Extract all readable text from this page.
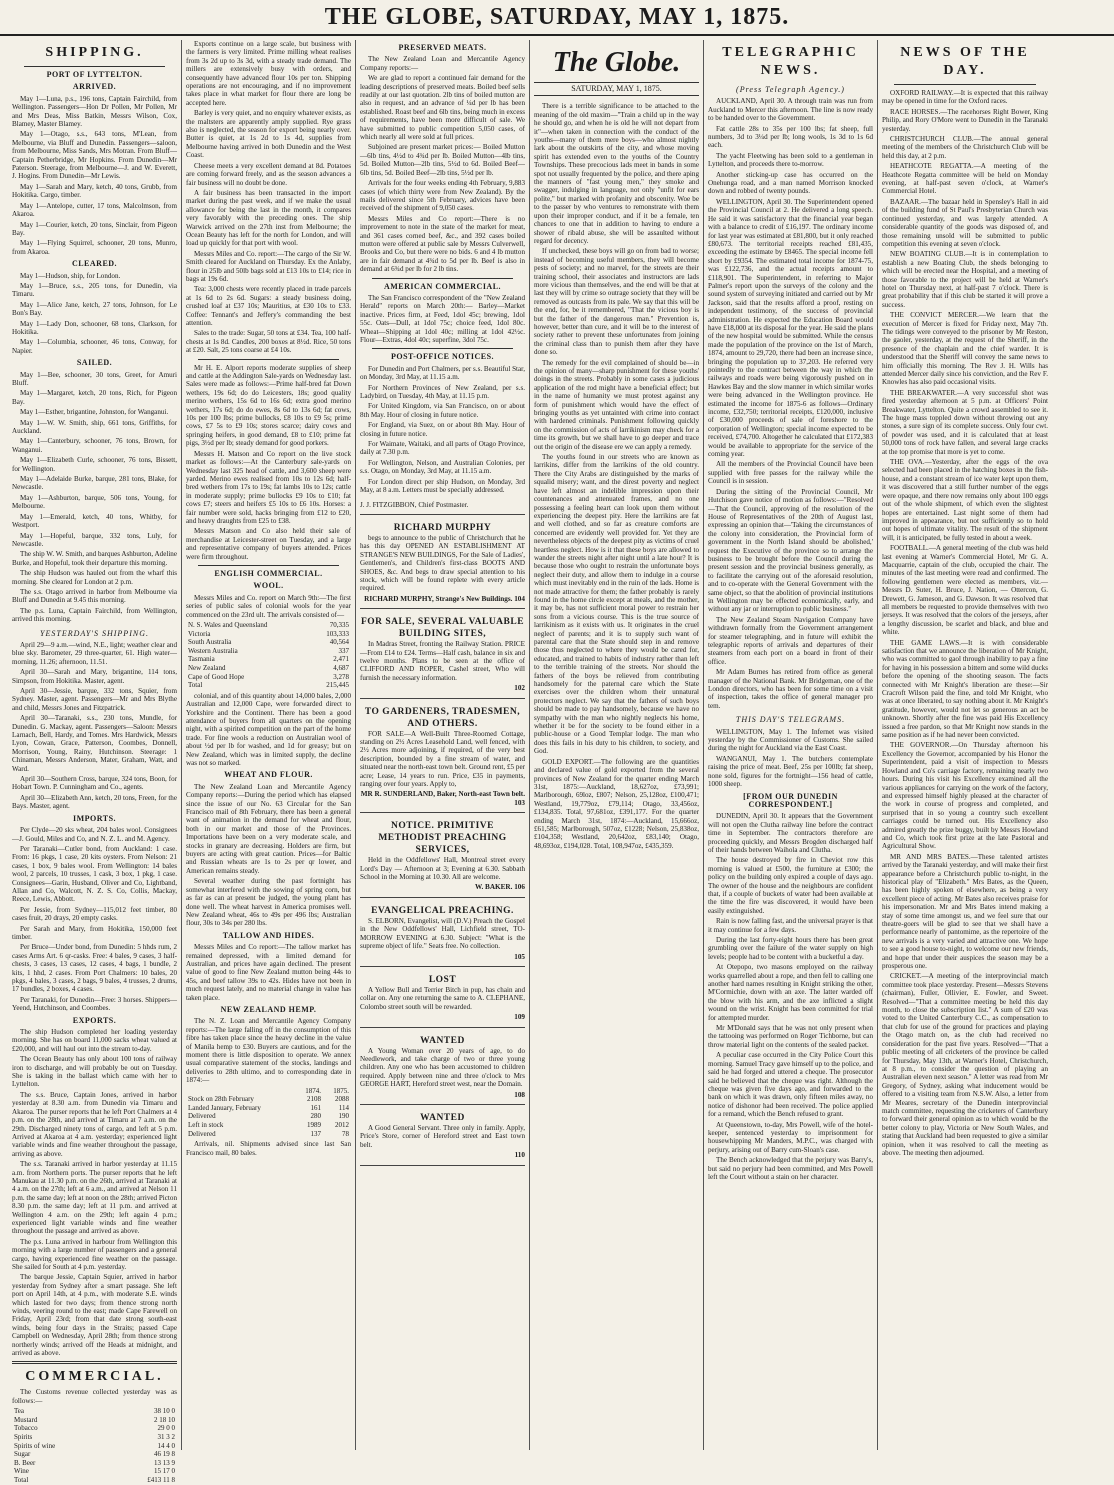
THE GLOBE, SATURDAY, MAY 1, 1875.
SHIPPING.
PORT OF LYTTELTON.
ARRIVED.

May 1—Luna, p.s., 196 tons, Captain Fairchild, from Wellington. Passengers—Hon Dr Pollen, Mr Pollen, Mr and Mrs Deas, Miss Batkin, Messrs Wilson, Cox, Blamey, Master Blamey.

May 1—Otago, s.s., 643 tons, M'Lean, from Melbourne, via Bluff and Dunedin. Passengers—saloon, from Melbourne, Miss Sands, Mrs Motran. From Bluff—Captain Petherbridge, Mr Hopkins. From Dunedin—Mr Paterson. Steerage, from Melbourne—J. and W. Everett, J. Hogins. From Dunedin—Mr Lewis.

May 1—Sarah and Mary, ketch, 40 tons, Grubb, from Hokitika. Cargo, timber.

May 1—Antelope, cutter, 17 tons, Malcolmson, from Akaroa.

May 1—Courier, ketch, 20 tons, Sinclair, from Pigeon Bay.

May 1—Flying Squirrel, schooner, 20 tons, Munro, from Akaroa.

CLEARED.

May 1—Hudson, ship, for London.

May 1—Bruce, s.s., 205 tons, for Dunedin, via Timaru.

May 1—Alice Jane, ketch, 27 tons, Johnson, for Le Bon's Bay.

May 1—Lady Don, schooner, 68 tons, Clarkson, for Hokitika.

May 1—Columbia, schooner, 46 tons, Conway, for Napier.

SAILED.

May 1—Bee, schooner, 30 tons, Greet, for Amuri Bluff.

May 1—Margaret, ketch, 20 tons, Rich, for Pigeon Bay.

May 1—Esther, brigantine, Johnston, for Wanganui.

May 1—W. W. Smith, ship, 661 tons, Griffiths, for Auckland.

May 1—Canterbury, schooner, 76 tons, Brown, for Wanganui.

May 1—Elizabeth Curle, schooner, 76 tons, Bissett, for Wellington.

May 1—Adelaide Burke, barque, 281 tons, Blake, for Newcastle.

May 1—Ashburton, barque, 506 tons, Young, for Melbourne.

May 1—Emerald, ketch, 40 tons, Whitby, for Westport.

May 1—Hopeful, barque, 332 tons, Luly, for Newcastle.

The ship W. W. Smith, and barques Ashburton, Adeline Burke, and Hopeful, took their departure this morning.

The ship Hudson was hauled out from the wharf this morning. She cleared for London at 2 p.m.

The s.s. Otago arrived in harbor from Melbourne via Bluff and Dunedin at 9.45 this morning.

The p.s. Luna, Captain Fairchild, from Wellington, arrived this morning.

YESTERDAY'S SHIPPING.

April 29—9 a.m.—wind, N.E., light; weather clear and blue sky. Barometer, 29 three-quarter, 61. High water—morning, 11.26; afternoon, 11.51.

April 30—Sarah and Mary, brigantine, 114 tons, Simpson, from Hokitika. Master, agent.

April 30—Jessie, barque, 332 tons, Squier, from Sydney. Master, agent. Passengers—Mr and Mrs Blythe and child, Messrs Jones and Fitzpatrick.

April 30—Taranaki, s.s., 230 tons, Mundle, for Dunedin. G. Mackay, agent. Passengers—Saloon: Messrs Larnach, Bell, Hardy, and Tomes. Mrs Hardwick, Messrs Lyon, Cowan, Grace, Patterson, Coombes, Donnell, Morrison, Young, Rainy, Hutchinson. Steerage: 1 Chinaman, Messrs Anderson, Mater, Graham, Watt, and Ward.

April 30—Southern Cross, barque, 324 tons, Boon, for Hobart Town. P. Cunningham and Co., agents.

April 30—Elizabeth Ann, ketch, 20 tons, Freen, for the Bays. Master, agent.

IMPORTS.

Per Clyde—20 sks wheat, 204 bales wool. Consignees—J. Gould, Miles and Co, and N. Z. L. and M. Agency.

Per Taranaki—Cutler bond, from Auckland: 1 case. From: 16 pkgs, 1 case, 20 kits oysters. From Nelson: 21 cases, 1 box, 9 bales wool. From Wellington: 14 bales wool, 2 parcels, 10 trusses, 1 cask, 3 box, 1 pkg, 1 case. Consignees—Garin, Husband, Oliver and Co, Lightband, Allan and Co, Walcott, N. Z. S. Co, Collis, Mackay, Reece, Lewis, Abbott.

Per Jessie, from Sydney—115,012 feet timber, 80 cases fruit, 20 drays, 20 empty casks.

Per Sarah and Mary, from Hokitika, 150,000 feet timber.

Per Bruce—Under bond, from Dunedin: 5 hhds rum, 2 cases Arms Art. 6 qr-casks. Free: 4 bales, 9 cases, 3 half-chests, 3 cases, 13 cases, 12 cases, 4 bags, 1 bundle, 2 kits, 1 hhd, 2 cases. From Port Chalmers: 10 bales, 20 pkgs, 4 bales, 3 cases, 2 bags, 9 bales, 4 trusses, 2 drums, 17 bundles, 2 boxes, 4 cases.

Per Taranaki, for Dunedin—Free: 3 horses. Shippers—Yeend, Hutchinson, and Coombes.

EXPORTS.

The ship Hudson completed her loading yesterday morning. She has on board 11,000 sacks wheat valued at £20,000, and will haul out into the stream to-day.

The Ocean Beauty has only about 100 tons of railway iron to discharge, and will probably be out on Tuesday. She is taking in the ballast which came with her to Lyttelton.

The s.s. Bruce, Captain Jones, arrived in harbor yesterday at 8.30 a.m. from Dunedin via Timaru and Akaroa. The purser reports that he left Port Chalmers at 4 p.m. on the 28th, and arrived at Timaru at 7 a.m. on the 29th. Discharged ninety tons of cargo, and left at 5 p.m. Arrived at Akaroa at 4 a.m. yesterday; experienced light variable winds and fine weather throughout the passage, arriving as above.

The s.s. Taranaki arrived in harbor yesterday at 11.15 a.m. from Northern ports. The purser reports that he left Manukau at 11.30 p.m. on the 26th, arrived at Taranaki at 4 a.m. on the 27th; left at 6 a.m., and arrived at Nelson 11 p.m. the same day; left at noon on the 28th; arrived Picton 8.30 p.m. the same day; left at 11 p.m. and arrived at Wellington 4 a.m. on the 29th; left again 4 p.m.; experienced light variable winds and fine weather throughout the passage and arrived as above.

The p.s. Luna arrived in harbour from Wellington this morning with a large number of passengers and a general cargo, having experienced fine weather on the passage. She sailed for South at 4 p.m. yesterday.

The barque Jessie, Captain Squier, arrived in harbor yesterday from Sydney after a smart passage. She left port on April 14th, at 4 p.m., with moderate S.E. winds which lasted for two days; from thence strong north winds, veering round to the east; made Cape Farewell on Friday, April 23rd; from that date strong south-east winds, being four days in the Straits; passed Cape Campbell on Wednesday, April 28th; from thence strong northerly winds; arrived off the Heads at midnight, and arrived as above.

COMMERCIAL.

The Customs revenue collected yesterday was as follows:—

Tea	38 10 0
Mustard	2 18 10
Tobacco	29 0 0
Spirits	31 3 2
Spirits of wine	14 4 0
Sugar	46 19 8
B. Beer	13 13 9
Wine	15 17 0
Total	£413 11 8

Exports continue on a large scale, but business with the farmers is very limited. Prime milling wheat realises from 3s 2d up to 3s 3d, with a steady trade demand. The millers are extensively busy with orders, and consequently have advanced flour 10s per ton. Shipping operations are not encouraging, and if no improvement takes place in what market for flour there are long be accepted here.

Barley is very quiet, and no enquiry whatever exists, as the maltsters are apparently amply supplied. Rye grass also is neglected, the season for export being nearly over. Butter is quiet, at 1s 2d to 1s 4d, supplies from Melbourne having arrived in both Dunedin and the West Coast.

Cheese meets a very excellent demand at 8d. Potatoes are coming forward freely, and as the season advances a fair business will no doubt be done.

A fair business has been transacted in the import market during the past week, and if we make the usual allowance for being the last in the month, it compares very favorably with the preceding ones. The ship Warwick arrived on the 27th inst from Melbourne; the Ocean Beauty has left for the north for London, and will load up quickly for that port with wool.

Messrs Miles and Co. report:—The cargo of the Sir W. Smith cleared for Auckland on Thursday. Ex the Anlaby, flour in 25lb and 50lb bags sold at £13 10s to £14; rice in bags at 19s 6d.

Tea: 3,000 chests were recently placed in trade parcels at 1s 6d to 2s 6d. Sugars: a steady business doing, crushed loaf at £37 10s; Mauritius, at £30 10s to £33. Coffee: Tennant's and Jeffery's commanding the best attention.

Sales to the trade: Sugar, 50 tons at £34. Tea, 100 half-chests at 1s 8d. Candles, 200 boxes at 8½d. Rice, 50 tons at £20. Salt, 25 tons coarse at £4 10s.

Mr H. E. Alport reports moderate supplies of sheep and cattle at the Addington Sale-yards on Wednesday last. Sales were made as follows:—Prime half-bred fat Down wethers, 19s 6d; do do Leicesters, 18s; good quality merino wethers, 15s 6d to 16s 6d; extra good merino wethers, 17s 6d; do do ewes, 8s 6d to 13s 6d; fat cows, 10s per 100 lbs; prime bullocks, £8 10s to £9 5s; prime cows, £7 5s to £9 10s; stores scarce; dairy cows and springing heifers, in good demand, £8 to £10; prime fat pigs, 3½d per lb; steady demand for good porkers.

Messrs H. Matson and Co report on the live stock market as follows:—At the Canterbury sale-yards on Wednesday last 325 head of cattle, and 3,600 sheep were yarded. Merino ewes realised from 10s to 12s 6d; half-bred wethers from 17s to 19s; fat lambs 10s to 12s; cattle in moderate supply; prime bullocks £9 10s to £10; fat cows £7; steers and heifers £5 10s to £6 10s. Horses: a fair number were sold, hacks bringing from £12 to £20, and heavy draughts from £25 to £38.

Messrs Matson and Co also held their sale of merchandise at Leicester-street on Tuesday, and a large and representative company of buyers attended. Prices were firm throughout.

ENGLISH COMMERCIAL.
WOOL.

Messrs Miles and Co. report on March 9th:—The first series of public sales of colonial wools for the year commenced on the 23rd ult. The arrivals consisted of—

N. S. Wales and Queensland	70,335
Victoria	103,333
South Australia	40,564
Western Australia	337
Tasmania	2,471
New Zealand	4,687
Cape of Good Hope	3,278
Total	215,445

colonial, and of this quantity about 14,000 bales, 2,000 Australian and 12,000 Cape, were forwarded direct to Yorkshire and the Continent. There has been a good attendance of buyers from all quarters on the opening night, with a spirited competition on the part of the home trade. For fine wools a reduction on Australian wool of about ½d per lb for washed, and 1d for greasy; but on New Zealand, which was in limited supply, the decline was not so marked.

WHEAT AND FLOUR.

The New Zealand Loan and Mercantile Agency Company reports:—During the period which has elapsed since the issue of our No. 63 Circular for the San Francisco mail of 8th February, there has been a general want of animation in the demand for wheat and flour, both in our market and those of the Provinces. Importations have been on a very moderate scale, and stocks in granary are decreasing. Holders are firm, but buyers are acting with great caution. Prices—for Baltic and Russian wheats are 1s to 2s per qr lower, and American remains steady.

Several weather during the past fortnight has somewhat interfered with the sowing of spring corn, but as far as can at present be judged, the young plant has done well. The wheat harvest in America promises well. New Zealand wheat, 46s to 49s per 496 lbs; Australian flour, 30s to 34s per 280 lbs.

TALLOW AND HIDES.

Messrs Miles and Co report:—The tallow market has remained depressed, with a limited demand for Australian, and prices have again declined. The present value of good to fine New Zealand mutton being 44s to 45s, and beef tallow 39s to 42s. Hides have not been in much request lately, and no material change in value has taken place.

NEW ZEALAND HEMP.

The N. Z. Loan and Mercantile Agency Company reports:—The large falling off in the consumption of this fibre has taken place since the heavy decline in the value of Manila hemp to £30. Buyers are cautious, and for the moment there is little disposition to operate. We annex usual comparative statement of the stocks, landings and deliveries to 28th ultimo, and to corresponding date in 1874:—

	1874.	1875.
Stock on 28th February	2108	2088
Landed January, February	161	114
Delivered	280	190
Left in stock	1989	2012
Delivered	137	78

Arrivals, nil. Shipments advised since last San Francisco mail, 80 bales.

PRESERVED MEATS.

The New Zealand Loan and Mercantile Agency Company reports:—

We are glad to report a continued fair demand for the leading descriptions of preserved meats. Boiled beef sells readily at our last quotation. 2lb tins of boiled mutton are also in request, and an advance of ¼d per lb has been established. Roast beef and 6lb tins, being much in excess of requirements, have been more difficult of sale. We have submitted to public competition 5,050 cases, of which nearly all were sold at full prices.

Subjoined are present market prices:— Boiled Mutton—6lb tins, 4½d to 4¾d per lb. Boiled Mutton—4lb tins, 5d. Boiled Mutton—2lb tins, 5½d to 6d. Boiled Beef—6lb tins, 5d. Boiled Beef—2lb tins, 5½d per lb.

Arrivals for the four weeks ending 4th February, 9,883 cases (of which thirty were from New Zealand). By the mails delivered since 5th February, advices have been received of the shipment of 9,050 cases.

Messrs Miles and Co report:—There is no improvement to note in the state of the market for meat, and 361 cases corned beef, &c., and 392 cases boiled mutton were offered at public sale by Messrs Culverwell, Brooks and Co, but there were no bids. 6 and 4 lb mutton are in fair demand at 4¾d to 5d per lb. Beef is also in demand at 6¾d per lb for 2 lb tins.

AMERICAN COMMERCIAL.

The San Francisco correspondent of the "New Zealand Herald" reports on March 20th:— Barley—Market inactive. Prices firm, at Feed, 1dol 45c; brewing, 1dol 55c. Oats—Dull, at 1dol 75c; choice feed, 1dol 80c. Wheat—Shipping at 1dol 40c; milling at 1dol 42½c. Flour—Extras, 4dol 40c; superfine, 3dol 75c.

POST-OFFICE NOTICES.

For Dunedin and Port Chalmers, per s.s. Beautiful Star, on Monday, 3rd May, at 11.15 a.m.

For Northern Provinces of New Zealand, per s.s. Ladybird, on Tuesday, 4th May, at 11.15 p.m.

For United Kingdom, via San Francisco, on or about 8th May. Hour of closing in future notice.

For England, via Suez, on or about 8th May. Hour of closing in future notice.

For Waimate, Waitaki, and all parts of Otago Province, daily at 7.30 p.m.

For Wellington, Nelson, and Australian Colonies, per s.s. Otago, on Monday, 3rd May, at 11.15 a.m.

For London direct per ship Hudson, on Monday, 3rd May, at 8 a.m. Letters must be specially addressed.

J. J. FITZGIBBON, Chief Postmaster.
RICHARD MURPHY

begs to announce to the public of Christchurch that he has this day OPENED AN ESTABLISHMENT AT STRANGE'S NEW BUILDINGS, For the Sale of Ladies', Gentlemen's, and Children's first-class BOOTS AND SHOES, &c. And begs to draw special attention to his stock, which will be found replete with every article required.

RICHARD MURPHY, Strange's New Buildings. 104
FOR SALE, SEVERAL VALUABLE BUILDING SITES,

In Madras Street, fronting the Railway Station. PRICE—From £14 to £24. Terms—Half cash, balance in six and twelve months. Plans to be seen at the office of CLIFFORD AND ROPER, Cashel street, Who will furnish the necessary information.

102
TO GARDENERS, TRADESMEN, AND OTHERS.

FOR SALE—A Well-Built Three-Roomed Cottage, standing on 2½ Acres Leasehold Land, well fenced, with 2½ Acres more adjoining, if required, of the very best description, bounded by a fine stream of water, and situated near the north-east town belt. Ground rent, £5 per acre; Lease, 14 years to run. Price, £35 in payments, ranging over four years. Apply to,

MR R. SUNDERLAND, Baker, North-east Town belt. 103
NOTICE. PRIMITIVE METHODIST PREACHING SERVICES,

Held in the Oddfellows' Hall, Montreal street every Lord's Day — Afternoon at 3; Evening at 6.30. Sabbath School in the Morning at 10.30. All are welcome.

W. BAKER. 106
EVANGELICAL PREACHING.

S. ELBORN, Evangelist, will (D.V.) Preach the Gospel in the New Oddfellows' Hall, Lichfield street, TO-MORROW EVENING at 6.30. Subject: "What is the supreme object of life." Seats free. No collection.

105
LOST

A Yellow Bull and Terrier Bitch in pup, has chain and collar on. Any one returning the same to A. CLEPHANE, Colombo street south will be rewarded.

109
WANTED

A Young Woman over 20 years of age, to do Needlework, and take charge of two or three young children. Any one who has been accustomed to children required. Apply between nine and three o'clock to Mrs GEORGE HART, Hereford street west, near the Domain.

108
WANTED

A Good General Servant. Three only in family. Apply, Price's Store, corner of Hereford street and East town belt.

110
The Globe.
SATURDAY, MAY 1, 1875.

There is a terrible significance to be attached to the meaning of the old maxim—"Train a child up in the way he should go, and when he is old he will not depart from it"—when taken in connection with the conduct of the youths—many of them mere boys—who almost nightly lark about the outskirts of the city, and whose moving spirit has extended even to the youths of the Country Townships. These precocious lads meet in bands in some spot not usually frequented by the police, and there aping the manners of "fast young men," they smoke and swagger, indulging in language, not only "unfit for ears polite," but marked with profanity and obscenity. Woe be to the passer by who ventures to remonstrate with them upon their improper conduct, and if it be a female, ten chances to one that in addition to having to endure a shower of ribald abuse, she will be assaulted without regard for decency.

If unchecked, these boys will go on from bad to worse; instead of becoming useful members, they will become pests of society; and no marvel, for the streets are their training school, their associates and instructors are lads more vicious than themselves, and the end will be that at last they will by crime so outrage society that they will be removed as outcasts from its pale. We say that this will be the end, for, be it remembered, "That the vicious boy is but the father of the dangerous man." Prevention is, however, better than cure, and it will be to the interest of society rather to prevent these unfortunates from joining the criminal class than to punish them after they have done so.

The remedy for the evil complained of should be—in the opinion of many—sharp punishment for these youths' doings in the streets. Probably in some cases a judicious application of the rod might have a beneficial effect; but in the name of humanity we must protest against any form of punishment which would have the effect of bringing youths as yet untainted with crime into contact with hardened criminals. Punishment following quickly on the commission of acts of larrikinism may check for a time its growth, but we shall have to go deeper and trace out the origin of the disease ere we can apply a remedy.

The youths found in our streets who are known as larrikins, differ from the larrikins of the old country. There the City Arabs are distinguished by the marks of squalid misery; want, and the direst poverty and neglect have left almost an indelible impression upon their countenances and attenuated frames, and no one possessing a feeling heart can look upon them without experiencing the deepest pity. Here the larrikins are fat and well clothed, and so far as creature comforts are concerned are evidently well provided for. Yet they are nevertheless objects of the deepest pity as victims of cruel heartless neglect. How is it that these boys are allowed to wander the streets night after night until a late hour? It is because those who ought to restrain the unfortunate boys neglect their duty, and allow them to indulge in a course which must inevitably end in the ruin of the lads. Home is not made attractive for them; the father probably is rarely found in the home circle except at meals, and the mother, it may be, has not sufficient moral power to restrain her sons from a vicious course. This is the true source of larrikinism as it exists with us. It originates in the cruel neglect of parents; and it is to supply such want of parental care that the State should step in and remove those thus neglected to where they would be cared for, educated, and trained to habits of industry rather than left to the terrible training of the streets. Nor should the fathers of the boys be relieved from contributing handsomely for the paternal care which the State exercises over the children whom their unnatural protectors neglect. We say that the fathers of such boys should be made to pay handsomely, because we have no sympathy with the man who nightly neglects his home, whether it be for the society to be found either in a public-house or a Good Templar lodge. The man who does this fails in his duty to his children, to society, and God.

GOLD EXPORT.—The following are the quantities and declared value of gold exported from the several provinces of New Zealand for the quarter ending March 31st, 1875:—Auckland, 18,627oz, £73,991; Marlborough, 69loz, £807; Nelson, 25,128oz, £100,471; Westland, 19,779oz, £79,114; Otago, 33,456oz, £134,835. Total, 97,681oz, £391,177. For the quarter ending March 31st, 1874:—Auckland, 15,666oz, £61,585; Marlborough, 507oz, £1228; Nelson, 25,838oz, £104,358; Westland, 20,642oz, £83,140; Otago, 48,693oz, £194,028. Total, 108,947oz, £435,359.

TELEGRAPHIC NEWS.
(Press Telegraph Agency.)

AUCKLAND, April 30. A through train was run from Auckland to Mercer this afternoon. The line is now ready to be handed over to the Government.

Fat cattle 28s to 35s per 100 lbs; fat sheep, full numbers, 3d to 3¼d per lb; long wools, 1s 3d to 1s 6d each.

The yacht Fleetwing has been sold to a gentleman in Lyttelton, and proceeds there to-morrow.

Another sticking-up case has occurred on the Onehunga road, and a man named Morrison knocked down and robbed of twenty pounds.

WELLINGTON, April 30. The Superintendent opened the Provincial Council at 2. He delivered a long speech. He said it was satisfactory that the financial year began with a balance to credit of £16,197. The ordinary income for last year was estimated at £81,800, but it only reached £80,673. The territorial receipts reached £81,435, exceeding the estimate by £8465. The special income fell short by £9354. The estimated total income for 1874-75, was £122,736, and the actual receipts amount to £118,901. The Superintendent, in referring to Major Palmer's report upon the surveys of the colony and the sound system of surveying initiated and carried out by Mr Jackson, said that the results afford a proof, resting on independent testimony, of the success of provincial administration. He expected the Education Board would have £18,000 at its disposal for the year. He said the plans of the new hospital would be submitted. While the census made the population of the province on the 1st of March, 1874, amount to 29,720, there had been an increase since, bringing the population up to 37,203. He referred very pointedly to the contract between the way in which the railways and roads were being vigorously pushed on in Hawkes Bay and the slow manner in which similar works were being advanced in the Wellington province. He estimated the income for 1875-6 as follows—Ordinary income, £32,750; territorial receipts, £120,000, inclusive of £30,000 proceeds of sale of foreshore to the corporation of Wellington; special income expected to be received, £74,700. Altogether he calculated that £172,383 would be available to appropriate for the service of the coming year.

All the members of the Provincial Council have been supplied with free passes for the railway while the Council is in session.

During the sitting of the Provincial Council, Mr Hutchison gave notice of motion as follows:—"Resolved—That the Council, approving of the resolution of the House of Representatives of the 20th of August last, expressing an opinion that—'Taking the circumstances of the colony into consideration, the Provincial form of government in the North Island should be abolished,' request the Executive of the province so to arrange the business to be brought before the Council during the present session and the provincial business generally, as to facilitate the carrying out of the aforesaid resolution, and to co-operate with the General Government with the same object, so that the abolition of provincial institutions in Wellington may be effected economically, early, and without any jar or interruption to public business."

The New Zealand Steam Navigation Company have withdrawn formally from the Government arrangement for steamer telegraphing, and in future will exhibit the telegraphic reports of arrivals and departures of their steamers from each port on a board in front of their office.

Mr Adam Burnes has retired from office as general manager of the National Bank. Mr Bridgeman, one of the London directors, who has been for some time on a visit of inspection, takes the office of general manager pro tem.

THIS DAY'S TELEGRAMS.

WELLINGTON, May 1. The Infernet was visited yesterday by the Commissioner of Customs. She sailed during the night for Auckland via the East Coast.

WANGANUI, May 1. The butchers contemplate raising the price of meat. Beef, 25s per 100lb; fat sheep, none sold, figures for the fortnight—156 head of cattle, 1000 sheep.

[FROM OUR DUNEDIN CORRESPONDENT.]

DUNEDIN, April 30. It appears that the Government will not open the Clutha railway line before the contract time in September. The contractors therefore are proceeding quickly, and Messrs Brogden discharged half of their hands between Waihola and Clutha.

The house destroyed by fire in Cheviot row this morning is valued at £500, the furniture at £300; the policy on the building only expired a couple of days ago. The owner of the house and the neighbours are confident that, if a couple of buckets of water had been available at the time the fire was discovered, it would have been easily extinguished.

Rain is now falling fast, and the universal prayer is that it may continue for a few days.

During the last forty-eight hours there has been great grumbling over the failure of the water supply on high levels; people had to be content with a bucketful a day.

At Otepopo, two masons employed on the railway works quarrelled about a rope, and then fell to calling one another hard names resulting in Knight striking the other, M'Cormichie, down with an axe. The latter warded off the blow with his arm, and the axe inflicted a slight wound on the wrist. Knight has been committed for trial for attempted murder.

Mr M'Donald says that he was not only present when the tattooing was performed on Roger Tichborne, but can throw material light on the contents of the sealed packet.

A peculiar case occurred in the City Police Court this morning. Samuel Tracy gave himself up to the police, and said he had forged and uttered a cheque. The prosecutor said he believed that the cheque was right. Although the cheque was given five days ago, and forwarded to the bank on which it was drawn, only fifteen miles away, no notice of dishonor had been received. The police applied for a remand, which the Bench refused to grant.

At Queenstown, to-day, Mrs Powell, wife of the hotel-keeper, sentenced yesterday to imprisonment for housewhipping Mr Manders, M.P.C., was charged with perjury, arising out of Barry cum-Sloan's case.

The Bench acknowledged that the perjury was Barry's, but said no perjury had been committed, and Mrs Powell left the Court without a stain on her character.

NEWS OF THE DAY.

OXFORD RAILWAY.—It is expected that this railway may be opened in time for the Oxford races.

RACE HORSES.—The racehorses Right Bower, King Philip, and Rory O'More went to Dunedin in the Taranaki yesterday.

CHRISTCHURCH CLUB.—The annual general meeting of the members of the Christchurch Club will be held this day, at 2 p.m.

HEATHCOTE REGATTA.—A meeting of the Heathcote Regatta committee will be held on Monday evening, at half-past seven o'clock, at Warner's Commercial Hotel.

BAZAAR.—The bazaar held in Spensley's Hall in aid of the building fund of St Paul's Presbyterian Church was continued yesterday, and was largely attended. A considerable quantity of the goods was disposed of, and those remaining unsold will be submitted to public competition this evening at seven o'clock.

NEW BOATING CLUB.—It is in contemplation to establish a new Boating Club, the sheds belonging to which will be erected near the Hospital, and a meeting of those favorable to the project will be held at Warner's hotel on Thursday next, at half-past 7 o'clock. There is great probability that if this club be started it will prove a success.

THE CONVICT MERCER.—We learn that the execution of Mercer is fixed for Friday next, May 7th. The tidings were conveyed to the prisoner by Mr Reston, the gaoler, yesterday, at the request of the Sheriff, in the presence of the chaplain and the chief warder. It is understood that the Sheriff will convey the same news to him officially this morning. The Rev J. H. Wills has attended Mercer daily since his conviction, and the Rev F. Knowles has also paid occasional visits.

THE BREAKWATER.—A very successful shot was fired yesterday afternoon at 5 p.m. at Officers' Point Breakwater, Lyttelton. Quite a crowd assembled to see it. The huge mass toppled down without throwing out any stones, a sure sign of its complete success. Only four cwt. of powder was used, and it is calculated that at least 50,000 tons of rock have fallen, and several large cracks at the top promise that more is yet to come.

THE OVA.—Yesterday, after the eggs of the ova selected had been placed in the hatching boxes in the fish-house, and a constant stream of ice water kept upon them, it was discovered that a still further number of the eggs were opaque, and there now remains only about 100 eggs out of the whole shipment, of which even the slightest hopes are entertained. Last night some of them had improved in appearance, but not sufficiently so to hold out hopes of ultimate vitality. The result of the shipment will, it is anticipated, be fully tested in about a week.

FOOTBALL.—A general meeting of the club was held last evening at Warner's Commercial Hotel, Mr G. A. Macquarrie, captain of the club, occupied the chair. The minutes of the last meeting were read and confirmed. The following gentlemen were elected as members, viz.—Messrs D. Suter, H. Bruce, J. Nation, — Ottercon, G. Drewett, G. Jameson, and G. Dawson. It was resolved that all members be requested to provide themselves with two jerseys. It was resolved that the colors of the jerseys, after a lengthy discussion, be scarlet and black, and blue and white.

THE GAME LAWS.—It is with considerable satisfaction that we announce the liberation of Mr Knight, who was committed to gaol through inability to pay a fine for having in his possession a bittern and some wild ducks before the opening of the shooting season. The facts connected with Mr Knight's liberation are these:—Sir Cracroft Wilson paid the fine, and told Mr Knight, who was at once liberated, to say nothing about it. Mr Knight's gratitude, however, would not let so generous an act be unknown. Shortly after the fine was paid His Excellency issued a free pardon, so that Mr Knight now stands in the same position as if he had never been convicted.

THE GOVERNOR.—On Thursday afternoon his Excellency the Governor, accompanied by his Honor the Superintendent, paid a visit of inspection to Messrs Howland and Co's carriage factory, remaining nearly two hours. During his visit his Excellency examined all the various appliances for carrying on the work of the factory, and expressed himself highly pleased at the character of the work in course of progress and completed, and surprised that in so young a country such excellent carriages could be turned out. His Excellency also admired greatly the prize buggy, built by Messrs Howland and Co, which took first prize at the late Pastoral and Agricultural Show.

MR AND MRS BATES.—These talented artistes arrived by the Taranaki yesterday, and will make their first appearance before a Christchurch public to-night, in the historical play of "Elizabeth." Mrs Bates, as the Queen, has been highly spoken of elsewhere, as being a very excellent piece of acting. Mr Bates also receives praise for his impersonation. Mr and Mrs Bates intend making a stay of some time amongst us, and we feel sure that our theatre-goers will be glad to see that we shall have a performance nearly of pantomime, as the repertoire of the new arrivals is a very varied and attractive one. We hope to see a good house to-night, to welcome our new friends, and hope that under their auspices the season may be a prosperous one.

CRICKET.—A meeting of the interprovincial match committee took place yesterday. Present—Messrs Stevens (chairman), Fuller, Ollivier, E. Fowler, and Sweet. Resolved—"That a committee meeting be held this day month, to close the subscription list." A sum of £20 was voted to the United Canterbury C.C., as compensation to that club for use of the ground for practices and playing the Otago match on, as the club had received no consideration for the past five years. Resolved—"That a public meeting of all cricketers of the province be called for Thursday, May 13th, at Warner's Hotel, Christchurch, at 8 p.m., to consider the question of playing an Australian eleven next season." A letter was read from Mr Gregory, of Sydney, asking what inducement would be offered to a visiting team from N.S.W. Also, a letter from Mr Meares, secretary of the Dunedin interprovincial match committee, requesting the cricketers of Canterbury to forward their general opinion as to which would be the better colony to play, Victoria or New South Wales, and stating that Auckland had been requested to give a similar opinion, when it was resolved to call the meeting as above. The meeting then adjourned.
